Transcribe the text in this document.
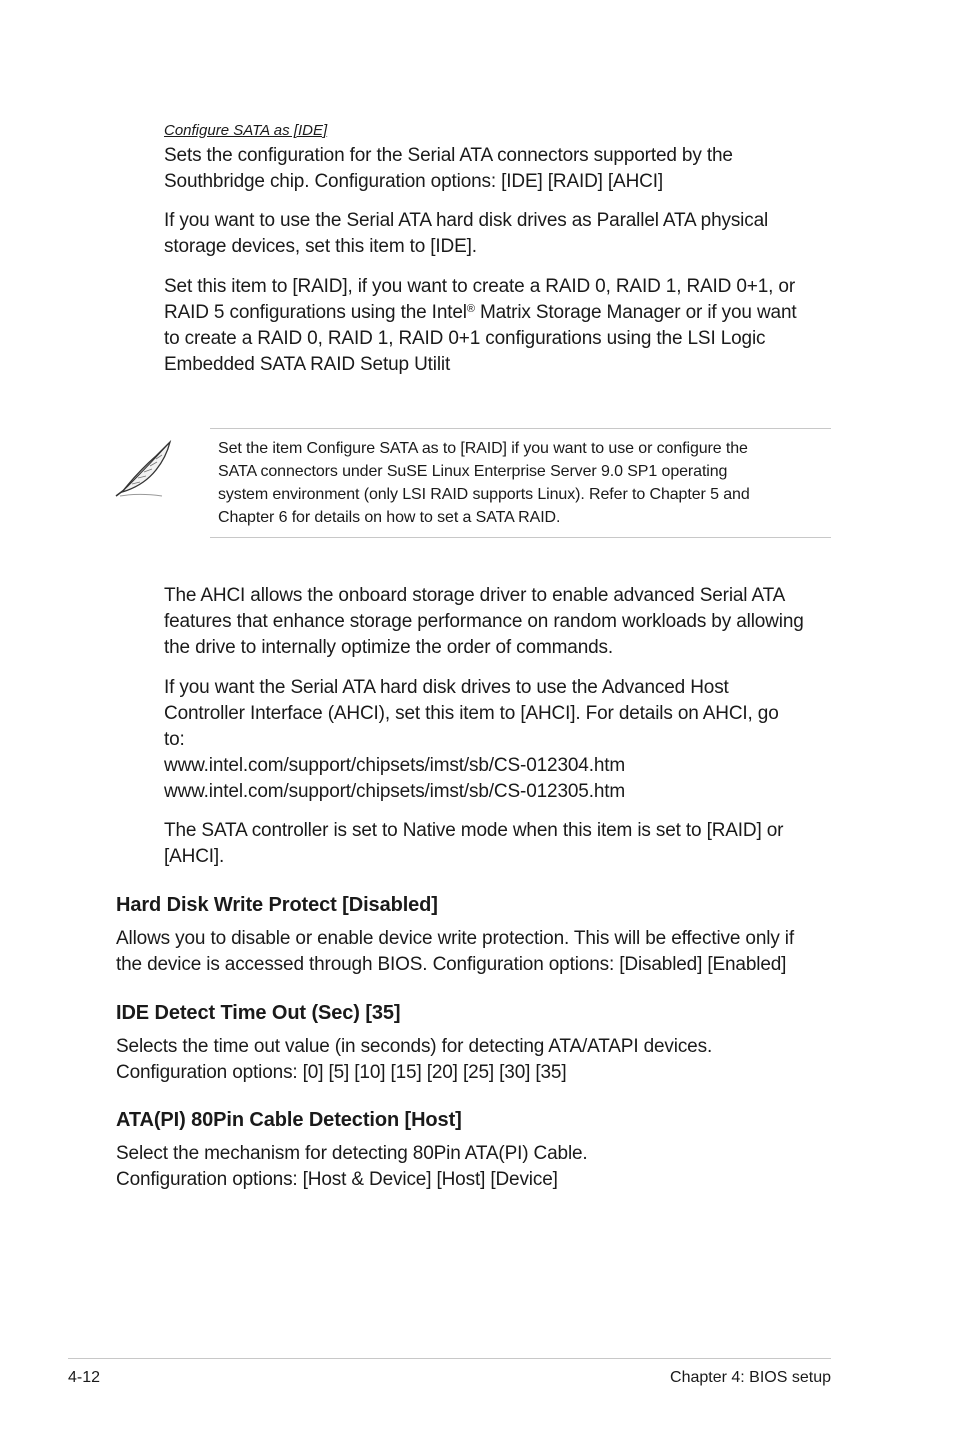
Configure SATA as [IDE]
Sets the configuration for the Serial ATA connectors supported by the
Southbridge chip. Configuration options: [IDE] [RAID] [AHCI]
If you want to use the Serial ATA hard disk drives as Parallel ATA physical
storage devices, set this item to [IDE].
Set this item to [RAID], if you want to create a RAID 0, RAID 1, RAID 0+1, or
RAID 5 configurations using the Intel® Matrix Storage Manager or if you want
to create a RAID 0, RAID 1, RAID 0+1 configurations using the LSI Logic
Embedded SATA RAID Setup Utilit
Set the item Configure SATA as to [RAID] if you want to use or configure the
SATA connectors under SuSE Linux Enterprise Server 9.0 SP1 operating
system environment (only LSI RAID supports Linux). Refer to Chapter 5 and
Chapter 6 for details on how to set a SATA RAID.
The AHCI allows the onboard storage driver to enable advanced Serial ATA
features that enhance storage performance on random workloads by allowing
the drive to internally optimize the order of commands.
If you want the Serial ATA hard disk drives to use the Advanced Host
Controller Interface (AHCI), set this item to [AHCI]. For details on AHCI, go
to:
www.intel.com/support/chipsets/imst/sb/CS-012304.htm
www.intel.com/support/chipsets/imst/sb/CS-012305.htm
The SATA controller is set to Native mode when this item is set to [RAID] or
[AHCI].
Hard Disk Write Protect [Disabled]
Allows you to disable or enable device write protection. This will be effective only if
the device is accessed through BIOS. Configuration options: [Disabled] [Enabled]
IDE Detect Time Out (Sec) [35]
Selects the time out value (in seconds) for detecting ATA/ATAPI devices.
Configuration options: [0] [5] [10] [15] [20] [25] [30] [35]
ATA(PI) 80Pin Cable Detection [Host]
Select the mechanism for detecting 80Pin ATA(PI) Cable.
Configuration options: [Host & Device] [Host] [Device]
4-12	Chapter 4: BIOS setup
